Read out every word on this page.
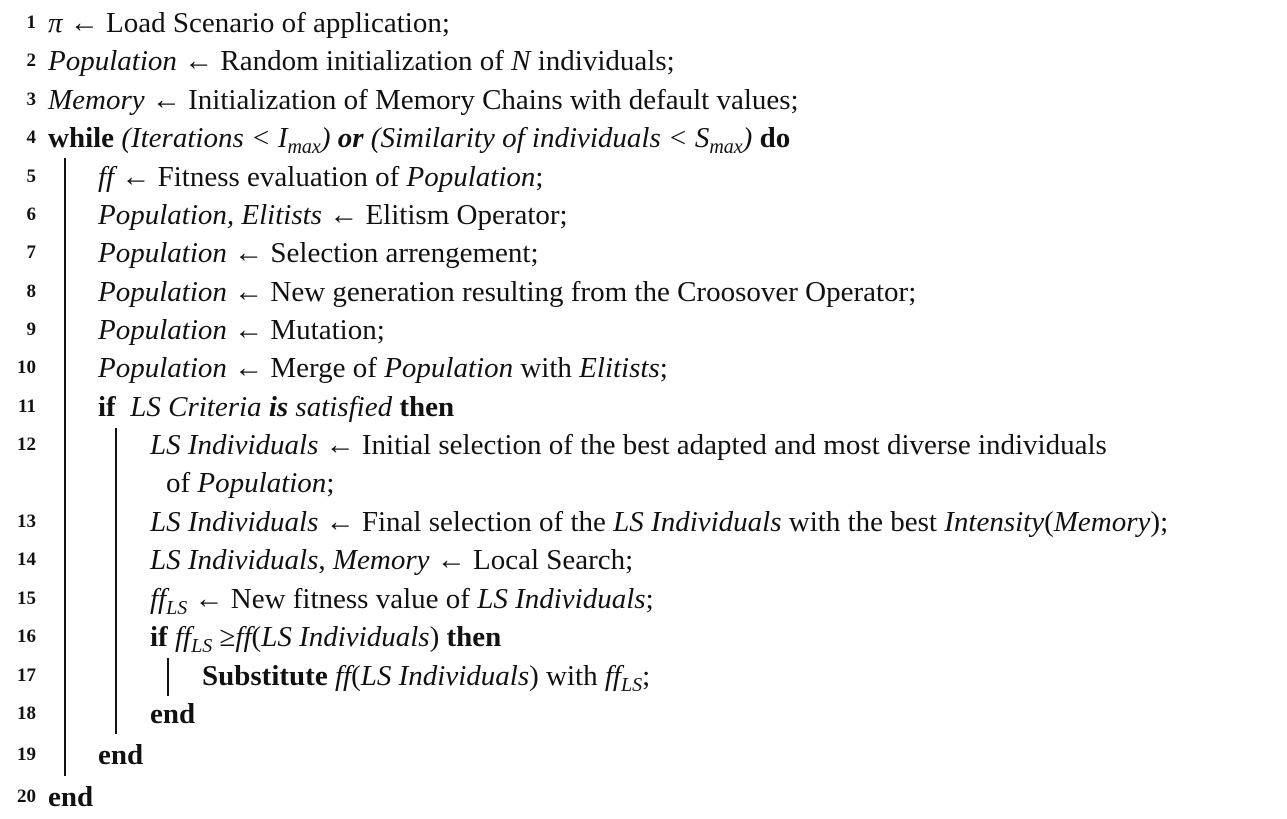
1 π ← Load Scenario of application;
2 Population ← Random initialization of N individuals;
3 Memory ← Initialization of Memory Chains with default values;
4 while (Iterations < $I_{max}$) or (Similarity of individuals < $S_{max}$) do
5 ff ← Fitness evaluation of Population;
6 Population, Elitists ← Elitism Operator;
7 Population ← Selection arrengement;
8 Population ← New generation resulting from the Croosover Operator;
9 Population ← Mutation;
10 Population ← Merge of Population with Elitists;
11 if LS Criteria is satisfied then
12	LS Individuals ← Initial selection of the best adapted and most diverse individuals
of Population;
13	LS Individuals ← Final selection of the LS Individuals with the best Intensity(Memory);
14	LS Individuals, Memory ← Local Search;
15	$ff_{LS}$ ← New fitness value of LS Individuals;
16	if $ff_{LS} \ge ff(LS$ Individuals) then
17	Substitute ff(LS Individuals) with $ff_{LS}$;
18	end
19 end
20 end
